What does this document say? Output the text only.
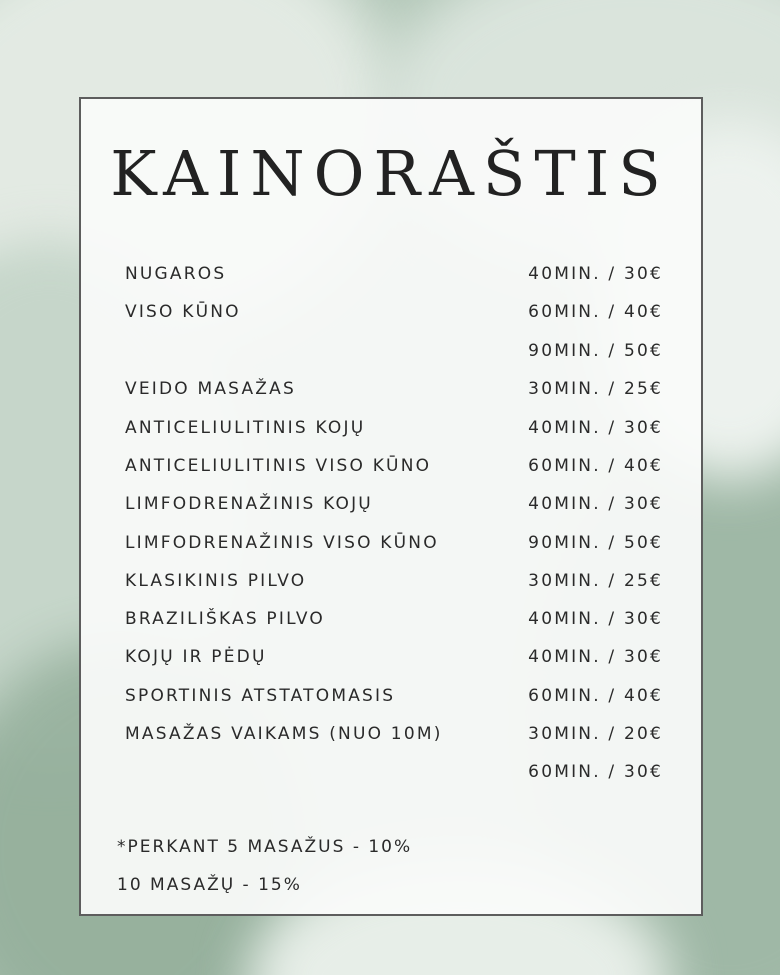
KAINORAŠTIS
NUGAROS	40MIN. / 30€
VISO KŪNO	60MIN. / 40€
90MIN. / 50€
VEIDO MASAŽAS	30MIN. / 25€
ANTICELIULITINIS KOJŲ	40MIN. / 30€
ANTICELIULITINIS VISO KŪNO	60MIN. / 40€
LIMFODRENAŽINIS KOJŲ	40MIN. / 30€
LIMFODRENAŽINIS VISO KŪNO	90MIN. / 50€
KLASIKINIS PILVO	30MIN. / 25€
BRAZILIŠKAS PILVO	40MIN. / 30€
KOJŲ IR PĖDŲ	40MIN. / 30€
SPORTINIS ATSTATOMASIS	60MIN. / 40€
MASAŽAS VAIKAMS (NUO 10M)	30MIN. / 20€
60MIN. / 30€
*PERKANT 5 MASAŽUS - 10%
10 MASAŽŲ - 15%
